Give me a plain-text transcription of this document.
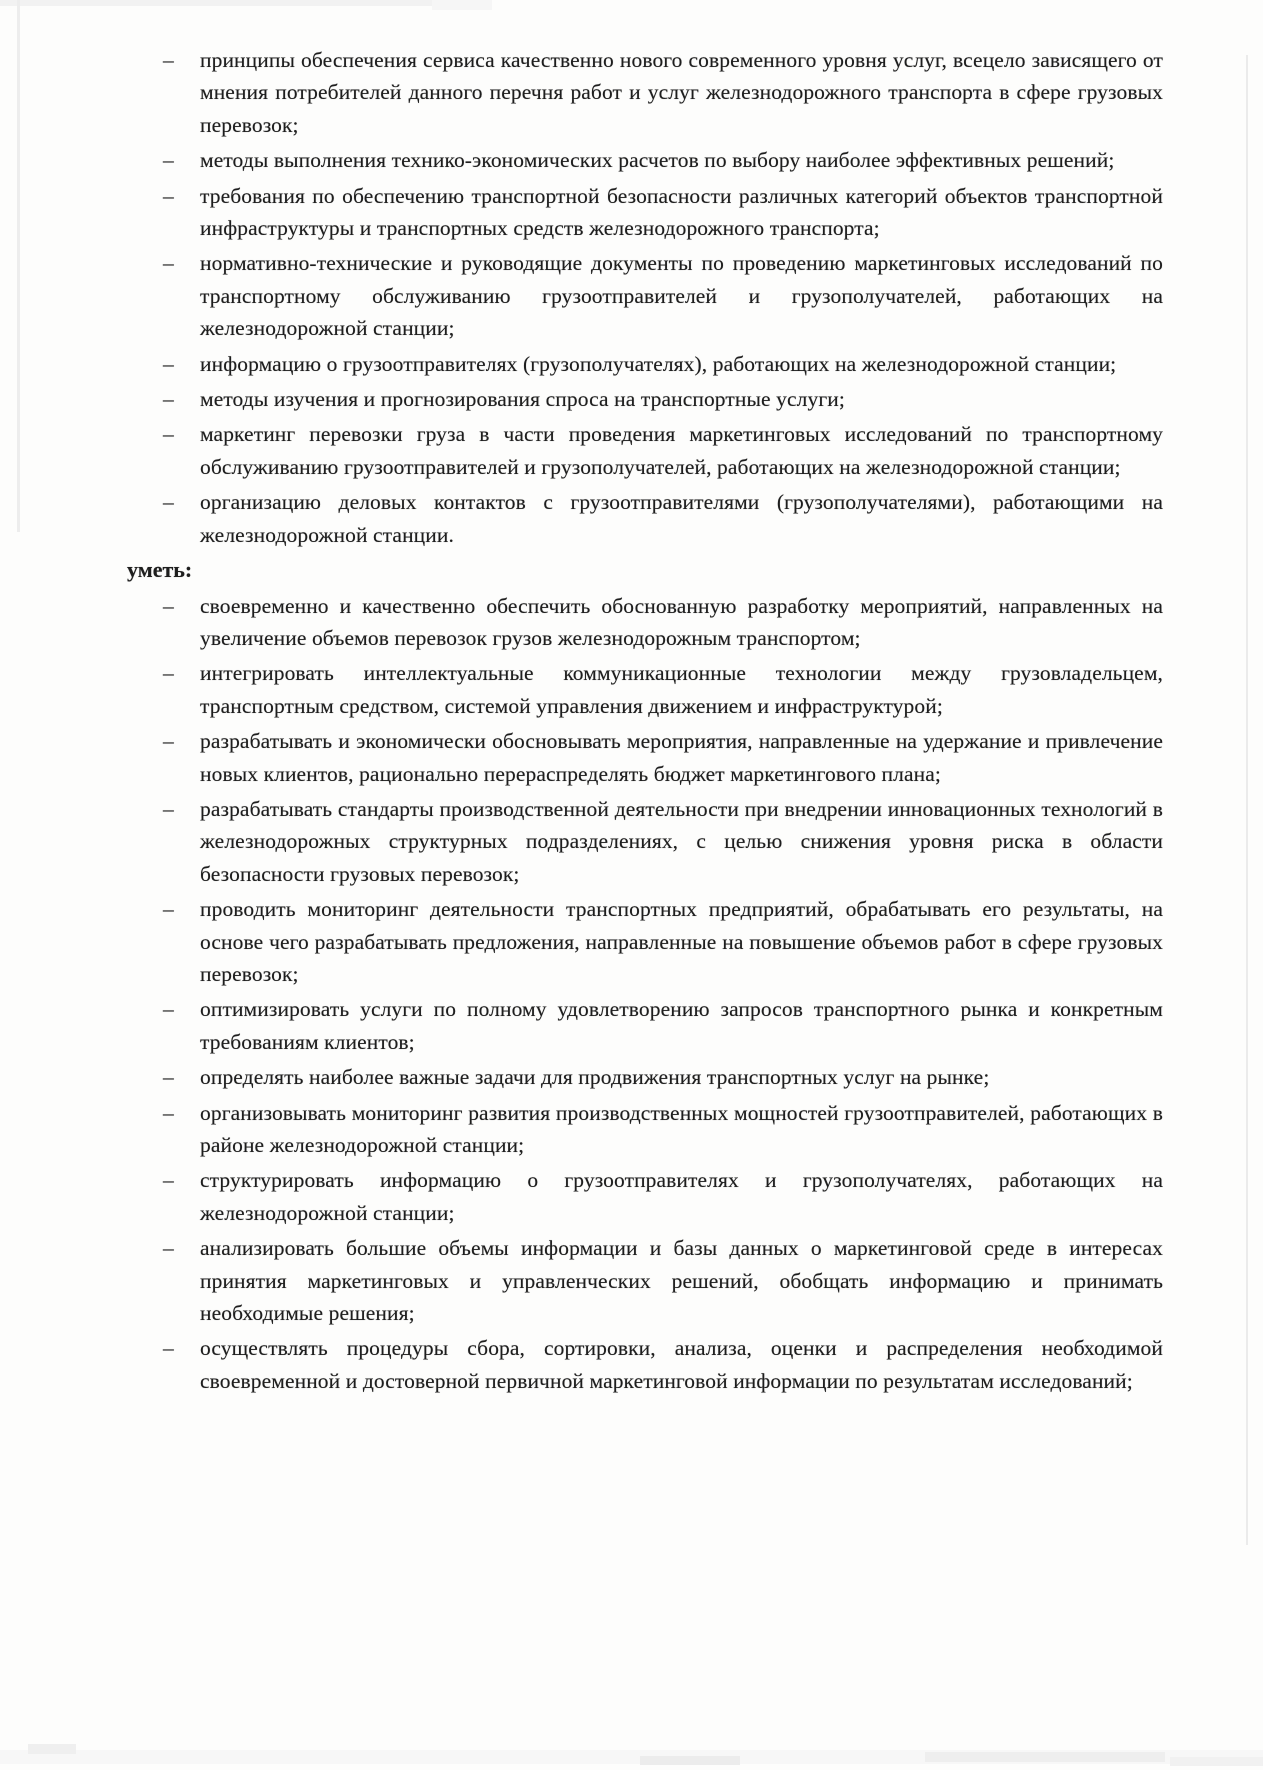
– принципы обеспечения сервиса качественно нового современного уровня услуг, всецело зависящего от мнения потребителей данного перечня работ и услуг железнодорожного транспорта в сфере грузовых перевозок;
– методы выполнения технико-экономических расчетов по выбору наиболее эффективных решений;
– требования по обеспечению транспортной безопасности различных категорий объектов транспортной инфраструктуры и транспортных средств железнодорожного транспорта;
– нормативно-технические и руководящие документы по проведению маркетинговых исследований по транспортному обслуживанию грузоотправителей и грузополучателей, работающих на железнодорожной станции;
– информацию о грузоотправителях (грузополучателях), работающих на железнодорожной станции;
– методы изучения и прогнозирования спроса на транспортные услуги;
– маркетинг перевозки груза в части проведения маркетинговых исследований по транспортному обслуживанию грузоотправителей и грузополучателей, работающих на железнодорожной станции;
– организацию деловых контактов с грузоотправителями (грузополучателями), работающими на железнодорожной станции.
уметь:
– своевременно и качественно обеспечить обоснованную разработку мероприятий, направленных на увеличение объемов перевозок грузов железнодорожным транспортом;
– интегрировать интеллектуальные коммуникационные технологии между грузовладельцем, транспортным средством, системой управления движением и инфраструктурой;
– разрабатывать и экономически обосновывать мероприятия, направленные на удержание и привлечение новых клиентов, рационально перераспределять бюджет маркетингового плана;
– разрабатывать стандарты производственной деятельности при внедрении инновационных технологий в железнодорожных структурных подразделениях, с целью снижения уровня риска в области безопасности грузовых перевозок;
– проводить мониторинг деятельности транспортных предприятий, обрабатывать его результаты, на основе чего разрабатывать предложения, направленные на повышение объемов работ в сфере грузовых перевозок;
– оптимизировать услуги по полному удовлетворению запросов транспортного рынка и конкретным требованиям клиентов;
– определять наиболее важные задачи для продвижения транспортных услуг на рынке;
– организовывать мониторинг развития производственных мощностей грузоотправителей, работающих в районе железнодорожной станции;
– структурировать информацию о грузоотправителях и грузополучателях, работающих на железнодорожной станции;
– анализировать большие объемы информации и базы данных о маркетинговой среде в интересах принятия маркетинговых и управленческих решений, обобщать информацию и принимать необходимые решения;
– осуществлять процедуры сбора, сортировки, анализа, оценки и распределения необходимой своевременной и достоверной первичной маркетинговой информации по результатам исследований;
